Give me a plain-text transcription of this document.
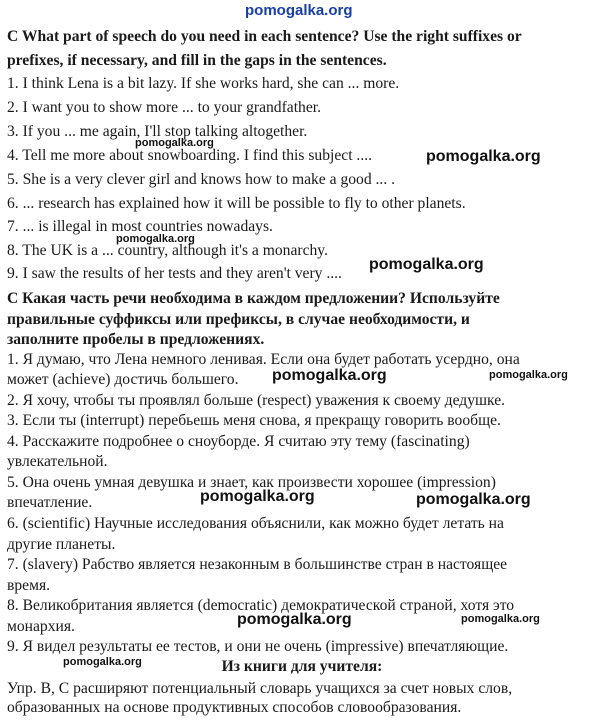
pomogalka.org
C What part of speech do you need in each sentence? Use the right suffixes or
prefixes, if necessary, and fill in the gaps in the sentences.
1. I think Lena is a bit lazy. If she works hard, she can ... more.
2. I want you to show more ... to your grandfather.
3. If you ... me again, I'll stop talking altogether.
4. Tell me more about snowboarding. I find this subject ....
5. She is a very clever girl and knows how to make a good ... .
6. ... research has explained how it will be possible to fly to other planets.
7. ... is illegal in most countries nowadays.
8. The UK is a ... country, although it's a monarchy.
9. I saw the results of her tests and they aren't very ....
С Какая часть речи необходима в каждом предложении? Используйте
правильные суффиксы или префиксы, в случае необходимости, и
заполните пробелы в предложениях.
1. Я думаю, что Лена немного ленивая. Если она будет работать усердно, она
может (achieve) достичь большего.
2. Я хочу, чтобы ты проявлял больше (respect) уважения к своему дедушке.
3. Если ты (interrupt) перебьешь меня снова, я прекращу говорить вообще.
4. Расскажите подробнее о сноуборде. Я считаю эту тему (fascinating)
увлекательной.
5. Она очень умная девушка и знает, как произвести хорошее (impression)
впечатление.
6. (scientific) Научные исследования объяснили, как можно будет летать на
другие планеты.
7. (slavery) Рабство является незаконным в большинстве стран в настоящее
время.
8. Великобритания является (democratic) демократической страной, хотя это
монархия.
9. Я видел результаты ее тестов, и они не очень (impressive) впечатляющие.
Из книги для учителя:
Упр. B, C расширяют потенциальный словарь учащихся за счет новых слов,
образованных на основе продуктивных способов словообразования.
pomogalka.org
pomogalka.org
pomogalka.org
pomogalka.org
pomogalka.org	pomogalka.org
pomogalka.org	pomogalka.org
pomogalka.org	pomogalka.org
pomogalka.org
